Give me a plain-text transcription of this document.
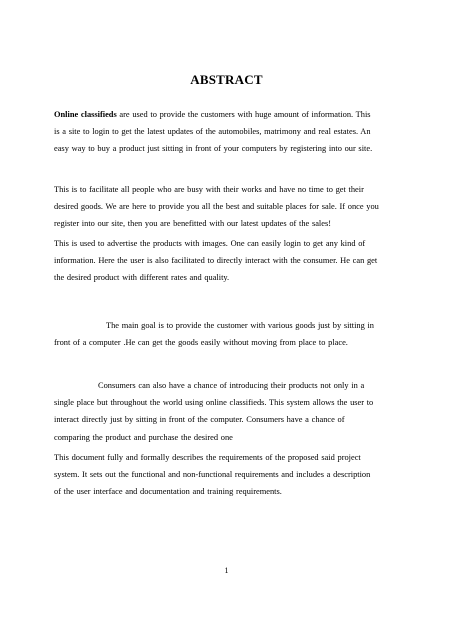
ABSTRACT
Online classifieds are used to provide the customers with huge amount of information. This
is a site to login to get the latest updates of the automobiles, matrimony and real estates. An
easy way to buy a product just sitting in front of your computers by registering into our site.
This is to facilitate all people who are busy with their works and have no time to get their
desired goods. We are here to provide you all the best and suitable places for sale. If once you
register into our site, then you are benefitted with our latest updates of the sales!
This is used to advertise the products with images. One can easily login to get any kind of
information. Here the user is also facilitated to directly interact with the consumer. He can get
the desired product with different rates and quality.
The main goal is to provide the customer with various goods just by sitting in
front of a computer .He can get the goods easily without moving from place to place.
Consumers can also have a chance of introducing their products not only in a
single place but throughout the world using online classifieds. This system allows the user to
interact directly just by sitting in front of the computer. Consumers have a chance of
comparing the product and purchase the desired one
This document fully and formally describes the requirements of the proposed said project
system. It sets out the functional and non-functional requirements and includes a description
of the user interface and documentation and training requirements.
1
